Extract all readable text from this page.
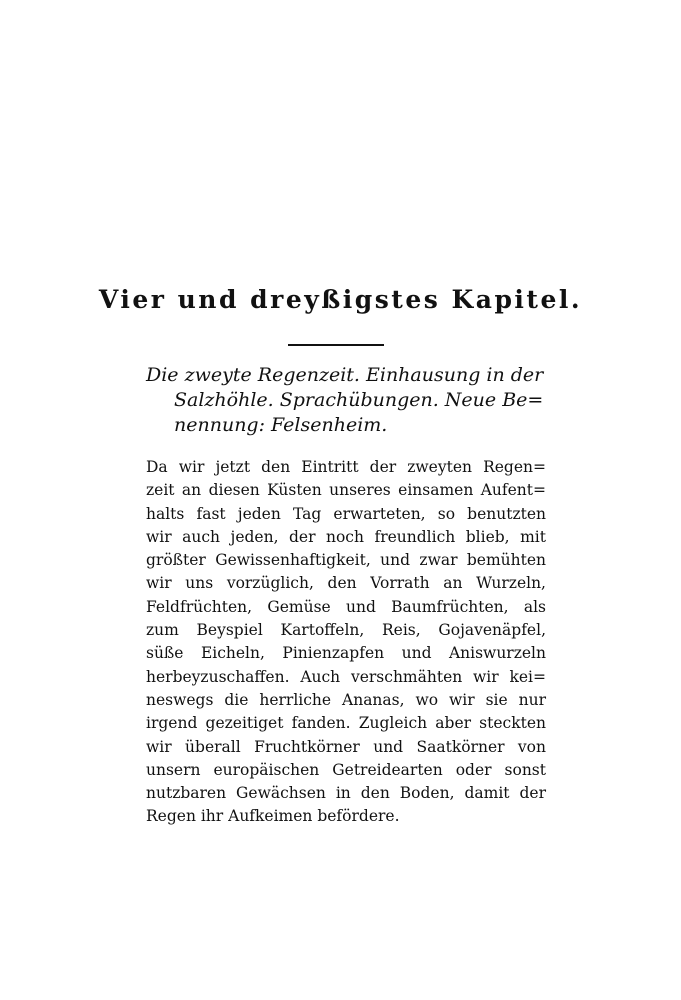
Vier und dreyßigstes Kapitel.
Die zweyte Regenzeit. Einhausung in der
Salzhöhle. Sprachübungen. Neue Be=
nennung: Felsenheim.
Da wir jetzt den Eintritt der zweyten Regen=
zeit an diesen Küsten unseres einsamen Aufent=
halts fast jeden Tag erwarteten, so benutzten
wir auch jeden, der noch freundlich blieb, mit
größter Gewissenhaftigkeit, und zwar bemühten
wir uns vorzüglich, den Vorrath an Wurzeln,
Feldfrüchten, Gemüse und Baumfrüchten, als
zum Beyspiel Kartoffeln, Reis, Gojavenäpfel,
süße Eicheln, Pinienzapfen und Aniswurzeln
herbeyzuschaffen. Auch verschmähten wir kei=
neswegs die herrliche Ananas, wo wir sie nur
irgend gezeitiget fanden. Zugleich aber steckten
wir überall Fruchtkörner und Saatkörner von
unsern europäischen Getreidearten oder sonst
nutzbaren Gewächsen in den Boden, damit der
Regen ihr Aufkeimen befördere.
